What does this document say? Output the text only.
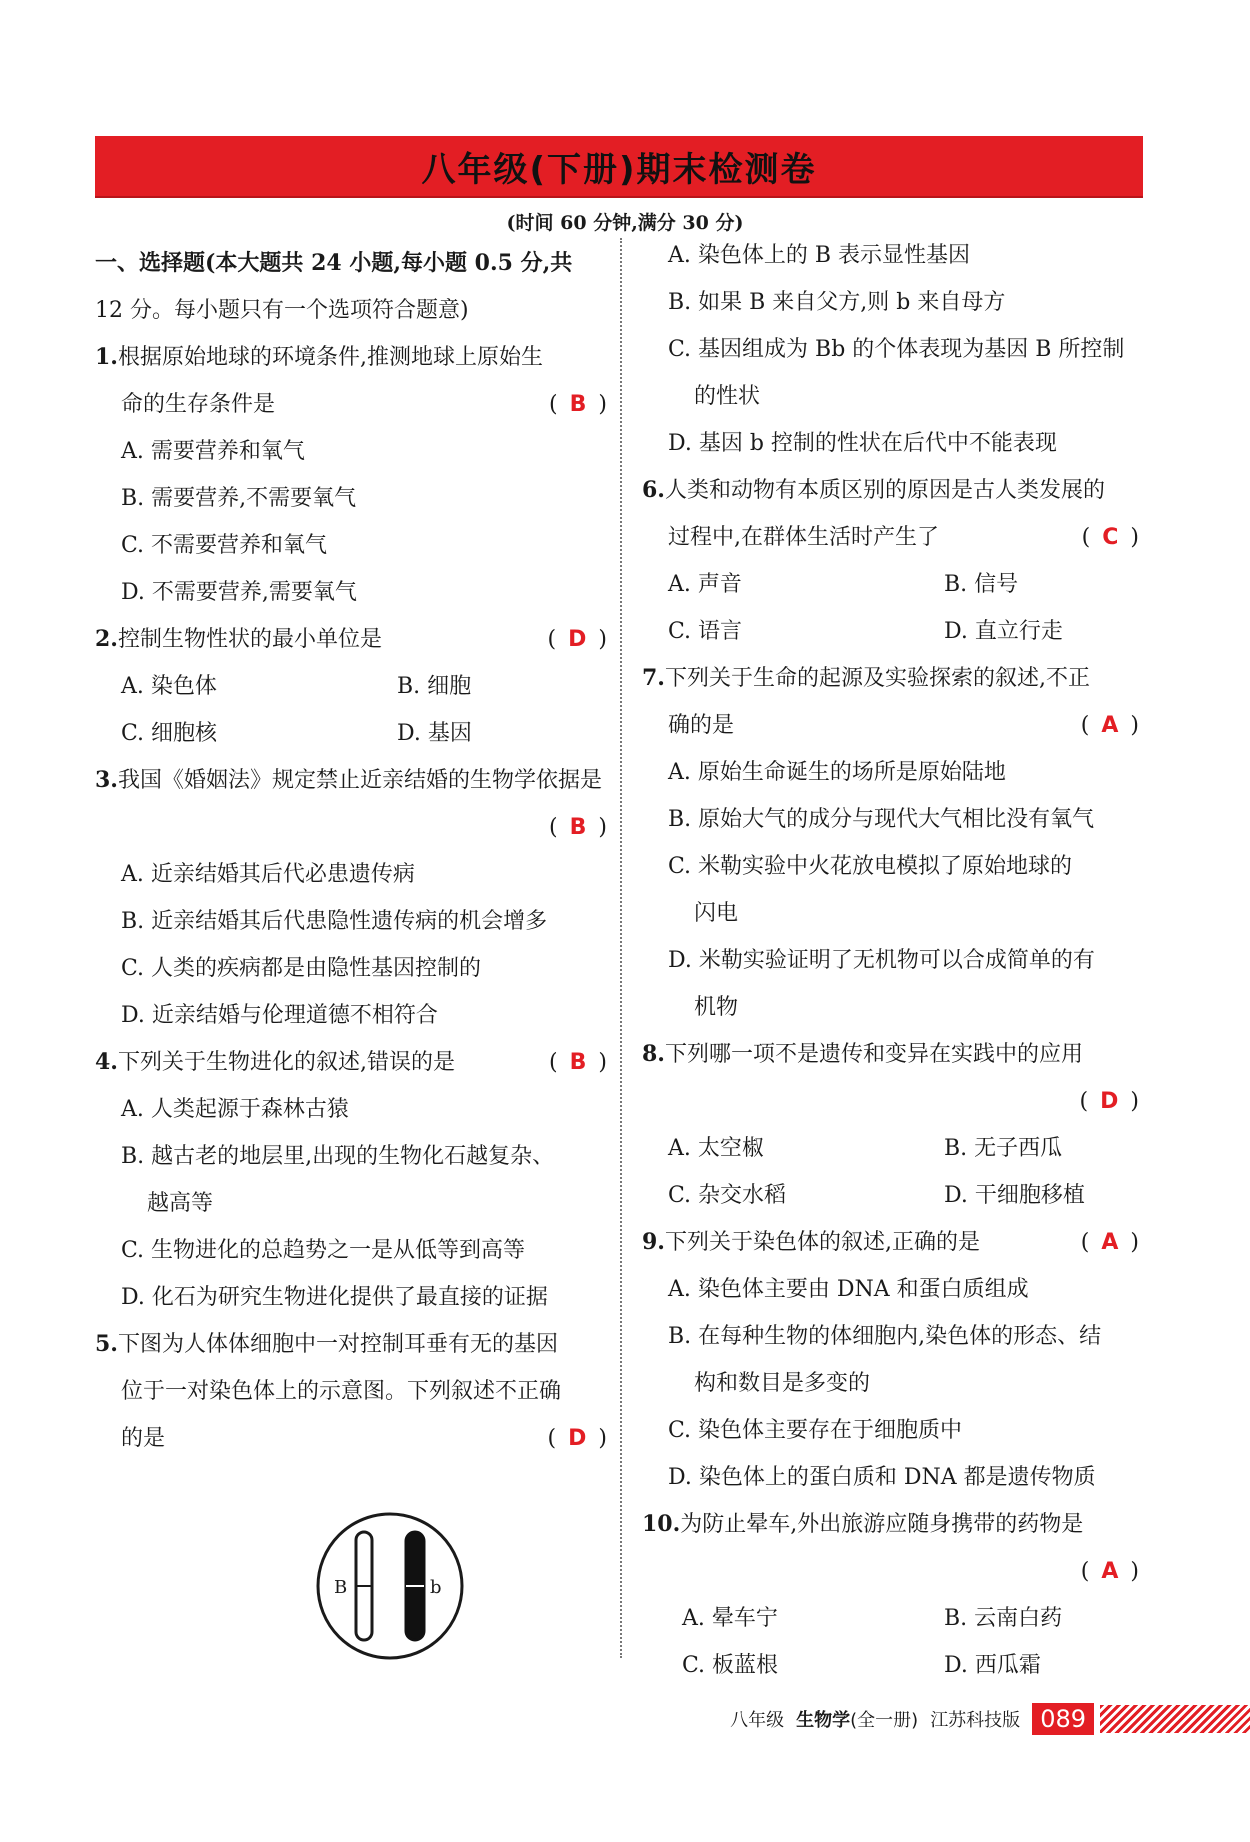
八年级(下册)期末检测卷
(时间 60 分钟,满分 30 分)
一、选择题(本大题共 24 小题,每小题 0.5 分,共
12 分。每小题只有一个选项符合题意)
1.根据原始地球的环境条件,推测地球上原始生
命的生存条件是	( B )
A. 需要营养和氧气
B. 需要营养,不需要氧气
C. 不需要营养和氧气
D. 不需要营养,需要氧气
2.控制生物性状的最小单位是	( D )
A. 染色体	B. 细胞
C. 细胞核	D. 基因
3.我国《婚姻法》规定禁止近亲结婚的生物学依据是
( B )
A. 近亲结婚其后代必患遗传病
B. 近亲结婚其后代患隐性遗传病的机会增多
C. 人类的疾病都是由隐性基因控制的
D. 近亲结婚与伦理道德不相符合
4.下列关于生物进化的叙述,错误的是	( B )
A. 人类起源于森林古猿
B. 越古老的地层里,出现的生物化石越复杂、
越高等
C. 生物进化的总趋势之一是从低等到高等
D. 化石为研究生物进化提供了最直接的证据
5.下图为人体体细胞中一对控制耳垂有无的基因
位于一对染色体上的示意图。下列叙述不正确
的是	( D )
B	b
A. 染色体上的 B 表示显性基因
B. 如果 B 来自父方,则 b 来自母方
C. 基因组成为 Bb 的个体表现为基因 B 所控制
的性状
D. 基因 b 控制的性状在后代中不能表现
6.人类和动物有本质区别的原因是古人类发展的
过程中,在群体生活时产生了	( C )
A. 声音	B. 信号
C. 语言	D. 直立行走
7.下列关于生命的起源及实验探索的叙述,不正
确的是	( A )
A. 原始生命诞生的场所是原始陆地
B. 原始大气的成分与现代大气相比没有氧气
C. 米勒实验中火花放电模拟了原始地球的
闪电
D. 米勒实验证明了无机物可以合成简单的有
机物
8.下列哪一项不是遗传和变异在实践中的应用
( D )
A. 太空椒	B. 无子西瓜
C. 杂交水稻	D. 干细胞移植
9.下列关于染色体的叙述,正确的是	( A )
A. 染色体主要由 DNA 和蛋白质组成
B. 在每种生物的体细胞内,染色体的形态、结
构和数目是多变的
C. 染色体主要存在于细胞质中
D. 染色体上的蛋白质和 DNA 都是遗传物质
10.为防止晕车,外出旅游应随身携带的药物是
( A )
A. 晕车宁	B. 云南白药
C. 板蓝根	D. 西瓜霜
八年级 生物学(全一册) 江苏科技版 089
